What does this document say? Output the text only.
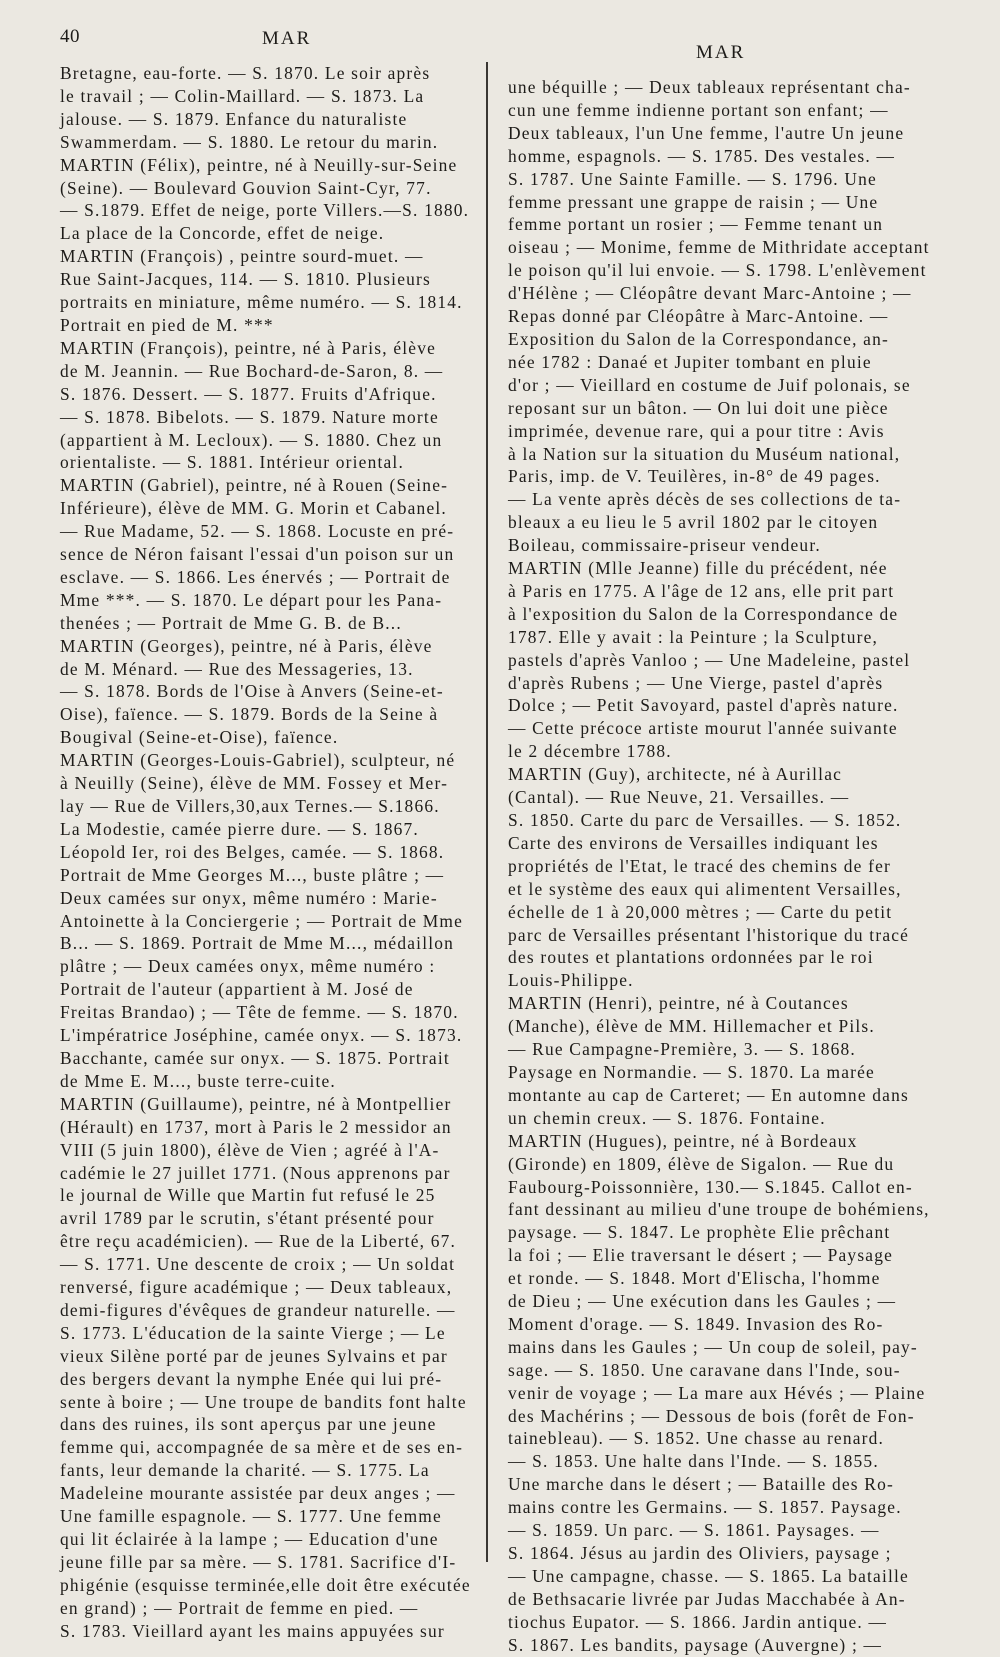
40	MAR
MAR
Bretagne, eau-forte. — S. 1870. Le soir après
le travail ; — Colin-Maillard. — S. 1873. La
jalouse. — S. 1879. Enfance du naturaliste
Swammerdam. — S. 1880. Le retour du marin.
MARTIN (Félix), peintre, né à Neuilly-sur-Seine
(Seine). — Boulevard Gouvion Saint-Cyr, 77.
— S.1879. Effet de neige, porte Villers.—S. 1880.
La place de la Concorde, effet de neige.
MARTIN (François) , peintre sourd-muet. —
Rue Saint-Jacques, 114. — S. 1810. Plusieurs
portraits en miniature, même numéro. — S. 1814.
Portrait en pied de M. ***
MARTIN (François), peintre, né à Paris, élève
de M. Jeannin. — Rue Bochard-de-Saron, 8. —
S. 1876. Dessert. — S. 1877. Fruits d'Afrique.
— S. 1878. Bibelots. — S. 1879. Nature morte
(appartient à M. Lecloux). — S. 1880. Chez un
orientaliste. — S. 1881. Intérieur oriental.
MARTIN (Gabriel), peintre, né à Rouen (Seine-
Inférieure), élève de MM. G. Morin et Cabanel.
— Rue Madame, 52. — S. 1868. Locuste en pré-
sence de Néron faisant l'essai d'un poison sur un
esclave. — S. 1866. Les énervés ; — Portrait de
Mme ***. — S. 1870. Le départ pour les Pana-
thenées ; — Portrait de Mme G. B. de B...
MARTIN (Georges), peintre, né à Paris, élève
de M. Ménard. — Rue des Messageries, 13.
— S. 1878. Bords de l'Oise à Anvers (Seine-et-
Oise), faïence. — S. 1879. Bords de la Seine à
Bougival (Seine-et-Oise), faïence.
MARTIN (Georges-Louis-Gabriel), sculpteur, né
à Neuilly (Seine), élève de MM. Fossey et Mer-
lay — Rue de Villers,30,aux Ternes.— S.1866.
La Modestie, camée pierre dure. — S. 1867.
Léopold Ier, roi des Belges, camée. — S. 1868.
Portrait de Mme Georges M..., buste plâtre ; —
Deux camées sur onyx, même numéro : Marie-
Antoinette à la Conciergerie ; — Portrait de Mme
B... — S. 1869. Portrait de Mme M..., médaillon
plâtre ; — Deux camées onyx, même numéro :
Portrait de l'auteur (appartient à M. José de
Freitas Brandao) ; — Tête de femme. — S. 1870.
L'impératrice Joséphine, camée onyx. — S. 1873.
Bacchante, camée sur onyx. — S. 1875. Portrait
de Mme E. M..., buste terre-cuite.
MARTIN (Guillaume), peintre, né à Montpellier
(Hérault) en 1737, mort à Paris le 2 messidor an
VIII (5 juin 1800), élève de Vien ; agréé à l'A-
cadémie le 27 juillet 1771. (Nous apprenons par
le journal de Wille que Martin fut refusé le 25
avril 1789 par le scrutin, s'étant présenté pour
être reçu académicien). — Rue de la Liberté, 67.
— S. 1771. Une descente de croix ; — Un soldat
renversé, figure académique ; — Deux tableaux,
demi-figures d'évêques de grandeur naturelle. —
S. 1773. L'éducation de la sainte Vierge ; — Le
vieux Silène porté par de jeunes Sylvains et par
des bergers devant la nymphe Enée qui lui pré-
sente à boire ; — Une troupe de bandits font halte
dans des ruines, ils sont aperçus par une jeune
femme qui, accompagnée de sa mère et de ses en-
fants, leur demande la charité. — S. 1775. La
Madeleine mourante assistée par deux anges ; —
Une famille espagnole. — S. 1777. Une femme
qui lit éclairée à la lampe ; — Education d'une
jeune fille par sa mère. — S. 1781. Sacrifice d'I-
phigénie (esquisse terminée,elle doit être exécutée
en grand) ; — Portrait de femme en pied. —
S. 1783. Vieillard ayant les mains appuyées sur
une béquille ; — Deux tableaux représentant cha-
cun une femme indienne portant son enfant; —
Deux tableaux, l'un Une femme, l'autre Un jeune
homme, espagnols. — S. 1785. Des vestales. —
S. 1787. Une Sainte Famille. — S. 1796. Une
femme pressant une grappe de raisin ; — Une
femme portant un rosier ; — Femme tenant un
oiseau ; — Monime, femme de Mithridate acceptant
le poison qu'il lui envoie. — S. 1798. L'enlèvement
d'Hélène ; — Cléopâtre devant Marc-Antoine ; —
Repas donné par Cléopâtre à Marc-Antoine. —
Exposition du Salon de la Correspondance, an-
née 1782 : Danaé et Jupiter tombant en pluie
d'or ; — Vieillard en costume de Juif polonais, se
reposant sur un bâton. — On lui doit une pièce
imprimée, devenue rare, qui a pour titre : Avis
à la Nation sur la situation du Muséum national,
Paris, imp. de V. Teuilères, in-8° de 49 pages.
— La vente après décès de ses collections de ta-
bleaux a eu lieu le 5 avril 1802 par le citoyen
Boileau, commissaire-priseur vendeur.
MARTIN (Mlle Jeanne) fille du précédent, née
à Paris en 1775. A l'âge de 12 ans, elle prit part
à l'exposition du Salon de la Correspondance de
1787. Elle y avait : la Peinture ; la Sculpture,
pastels d'après Vanloo ; — Une Madeleine, pastel
d'après Rubens ; — Une Vierge, pastel d'après
Dolce ; — Petit Savoyard, pastel d'après nature.
— Cette précoce artiste mourut l'année suivante
le 2 décembre 1788.
MARTIN (Guy), architecte, né à Aurillac
(Cantal). — Rue Neuve, 21. Versailles. —
S. 1850. Carte du parc de Versailles. — S. 1852.
Carte des environs de Versailles indiquant les
propriétés de l'Etat, le tracé des chemins de fer
et le système des eaux qui alimentent Versailles,
échelle de 1 à 20,000 mètres ; — Carte du petit
parc de Versailles présentant l'historique du tracé
des routes et plantations ordonnées par le roi
Louis-Philippe.
MARTIN (Henri), peintre, né à Coutances
(Manche), élève de MM. Hillemacher et Pils.
— Rue Campagne-Première, 3. — S. 1868.
Paysage en Normandie. — S. 1870. La marée
montante au cap de Carteret; — En automne dans
un chemin creux. — S. 1876. Fontaine.
MARTIN (Hugues), peintre, né à Bordeaux
(Gironde) en 1809, élève de Sigalon. — Rue du
Faubourg-Poissonnière, 130.— S.1845. Callot en-
fant dessinant au milieu d'une troupe de bohémiens,
paysage. — S. 1847. Le prophète Elie prêchant
la foi ; — Elie traversant le désert ; — Paysage
et ronde. — S. 1848. Mort d'Elischa, l'homme
de Dieu ; — Une exécution dans les Gaules ; —
Moment d'orage. — S. 1849. Invasion des Ro-
mains dans les Gaules ; — Un coup de soleil, pay-
sage. — S. 1850. Une caravane dans l'Inde, sou-
venir de voyage ; — La mare aux Hévés ; — Plaine
des Machérins ; — Dessous de bois (forêt de Fon-
tainebleau). — S. 1852. Une chasse au renard.
— S. 1853. Une halte dans l'Inde. — S. 1855.
Une marche dans le désert ; — Bataille des Ro-
mains contre les Germains. — S. 1857. Paysage.
— S. 1859. Un parc. — S. 1861. Paysages. —
S. 1864. Jésus au jardin des Oliviers, paysage ;
— Une campagne, chasse. — S. 1865. La bataille
de Bethsacarie livrée par Judas Macchabée à An-
tiochus Eupator. — S. 1866. Jardin antique. —
S. 1867. Les bandits, paysage (Auvergne) ; —
